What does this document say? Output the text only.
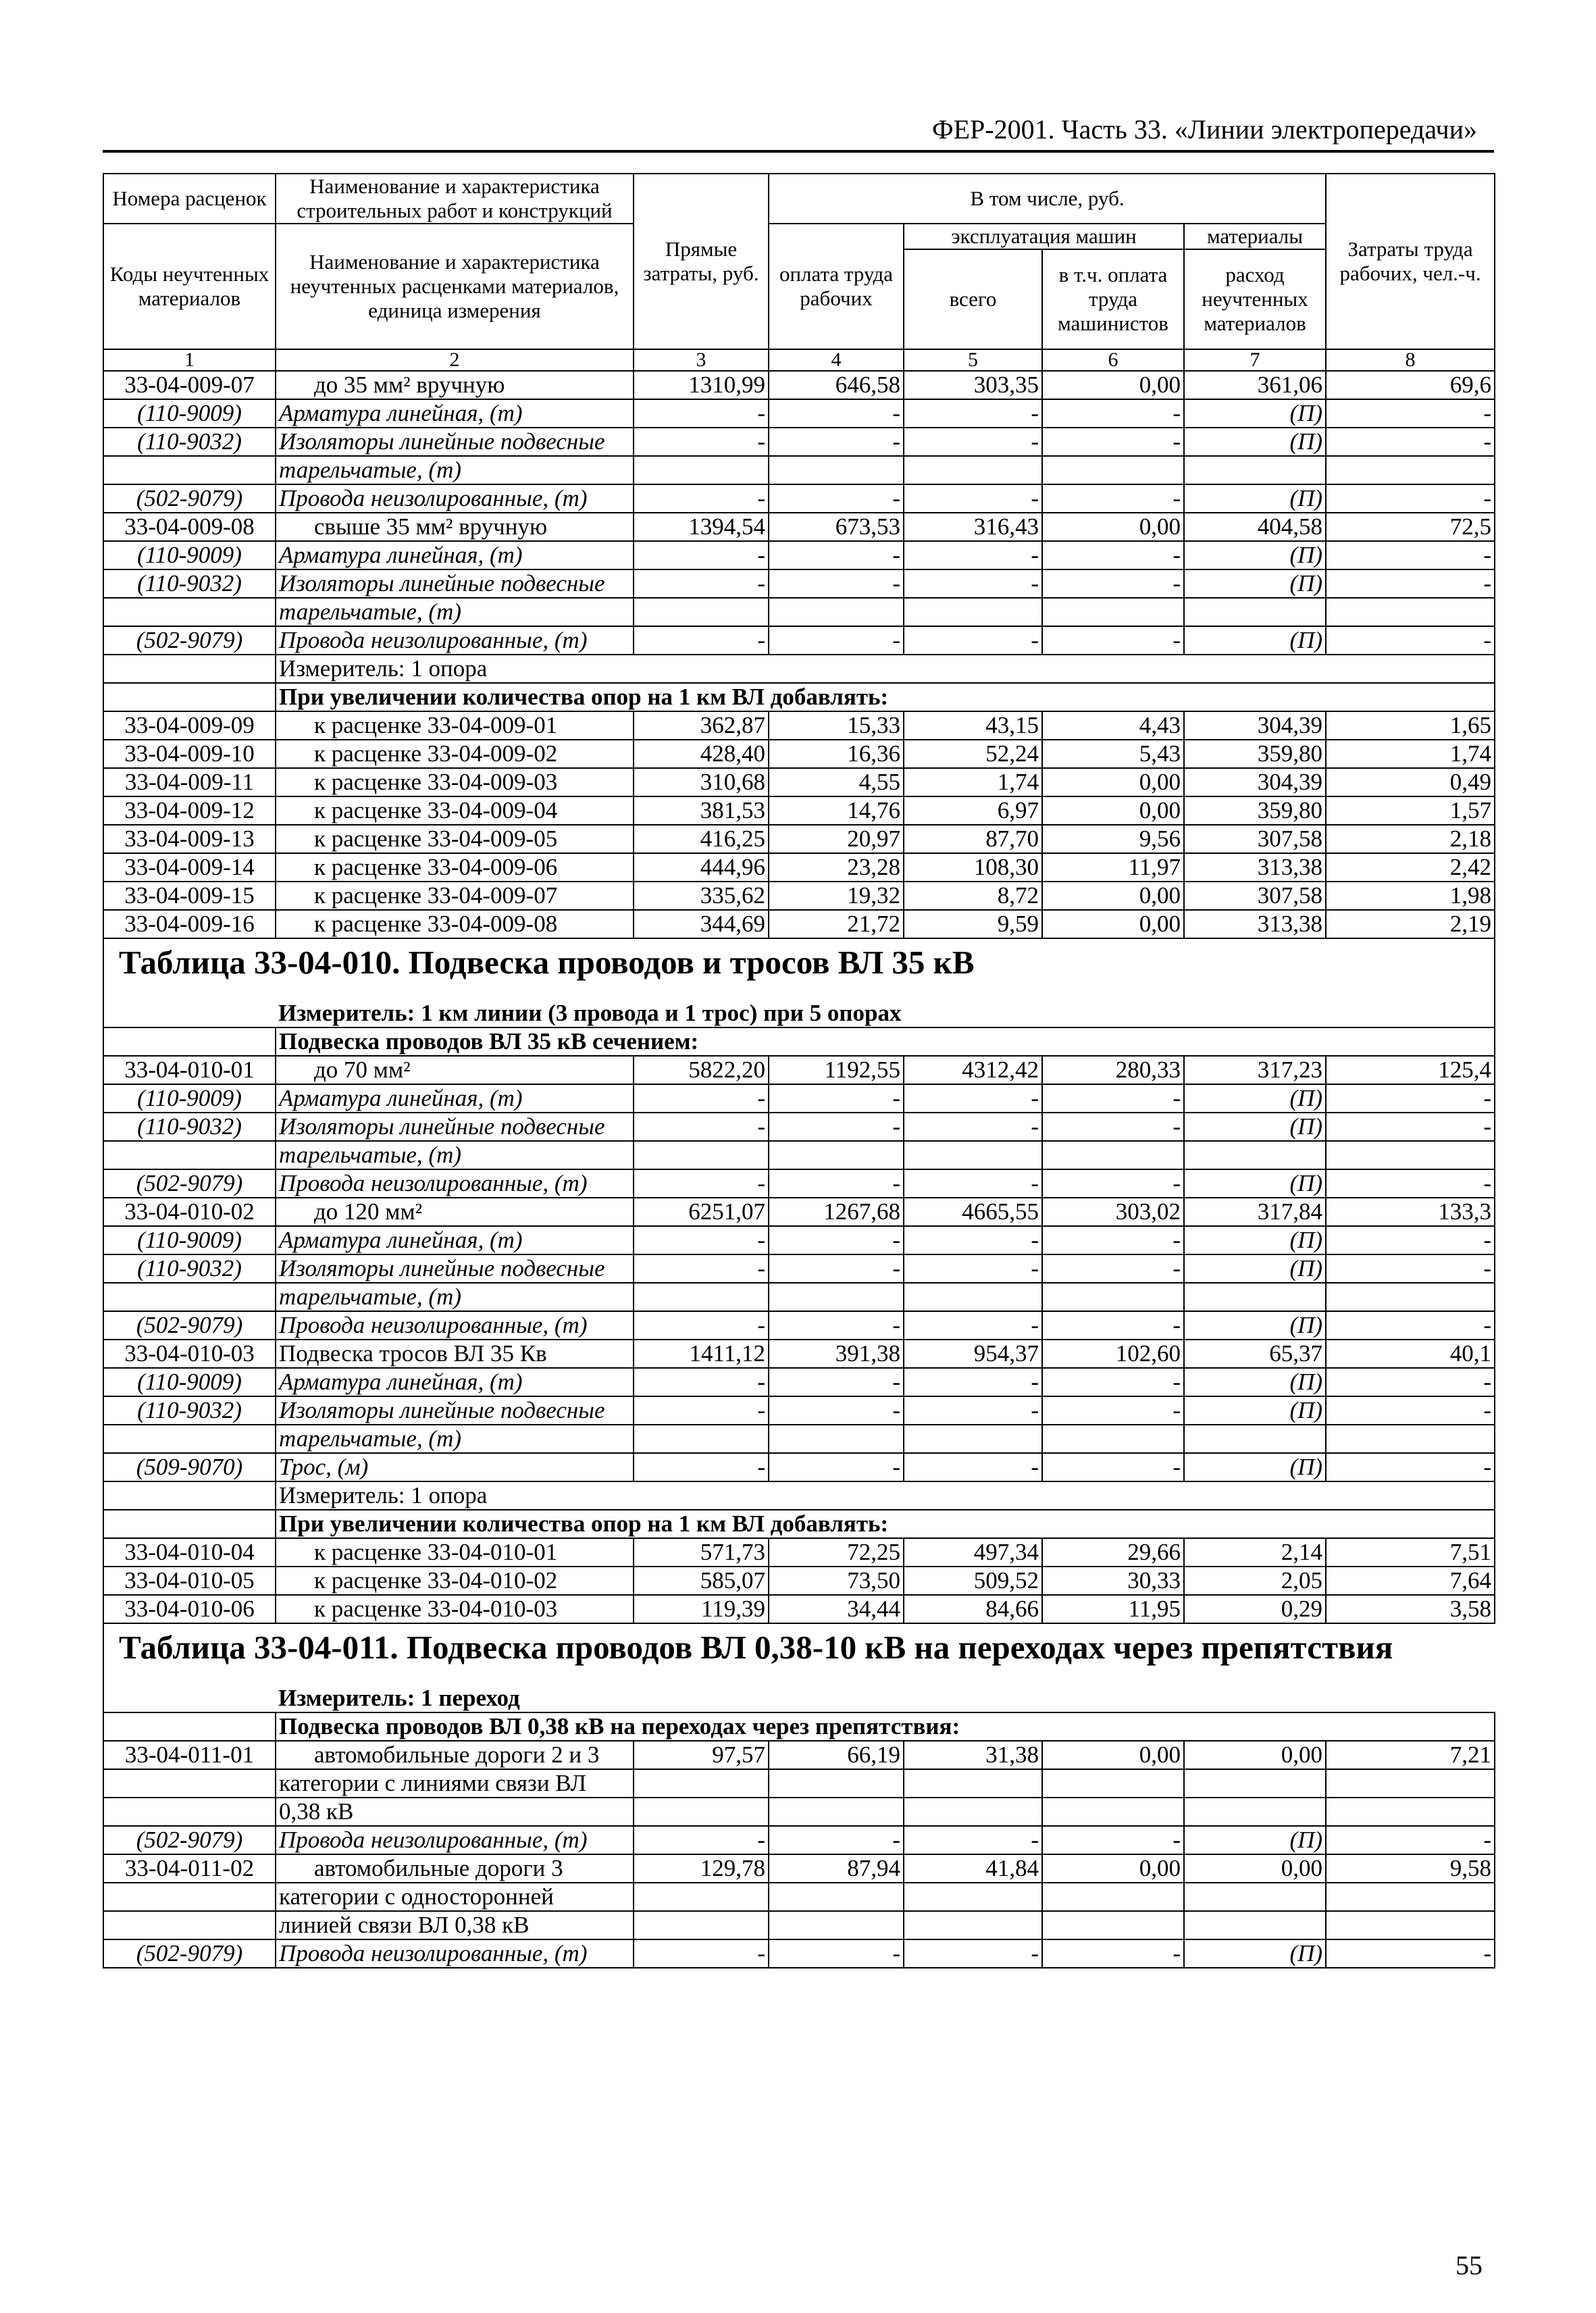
ФЕР-2001. Часть 33. «Линии электропередачи»
Номера расценок	Наименование и характеристика строительных работ и конструкций	Прямые затраты, руб.	В том числе, руб.				Затраты труда рабочих, чел.-ч.
Коды неучтенных материалов	Наименование и характеристика неучтенных расценками материалов, единица измерения		оплата труда рабочих	эксплуатация машин		материалы	
				всего	в т.ч. оплата труда машинистов	расход неучтенных материалов	
1	2	3	4	5	6	7	8
33-04-009-07	до 35 мм² вручную	1310,99	646,58	303,35	0,00	361,06	69,6
(110-9009)	Арматура линейная, (т)	-	-	-	-	(П)	-
(110-9032)	Изоляторы линейные подвесные	-	-	-	-	(П)	-
	тарельчатые, (т)						
(502-9079)	Провода неизолированные, (т)	-	-	-	-	(П)	-
33-04-009-08	свыше 35 мм² вручную	1394,54	673,53	316,43	0,00	404,58	72,5
(110-9009)	Арматура линейная, (т)	-	-	-	-	(П)	-
(110-9032)	Изоляторы линейные подвесные	-	-	-	-	(П)	-
	тарельчатые, (т)						
(502-9079)	Провода неизолированные, (т)	-	-	-	-	(П)	-
	Измеритель: 1 опора						
	При увеличении количества опор на 1 км ВЛ добавлять:						
33-04-009-09	к расценке 33-04-009-01	362,87	15,33	43,15	4,43	304,39	1,65
33-04-009-10	к расценке 33-04-009-02	428,40	16,36	52,24	5,43	359,80	1,74
33-04-009-11	к расценке 33-04-009-03	310,68	4,55	1,74	0,00	304,39	0,49
33-04-009-12	к расценке 33-04-009-04	381,53	14,76	6,97	0,00	359,80	1,57
33-04-009-13	к расценке 33-04-009-05	416,25	20,97	87,70	9,56	307,58	2,18
33-04-009-14	к расценке 33-04-009-06	444,96	23,28	108,30	11,97	313,38	2,42
33-04-009-15	к расценке 33-04-009-07	335,62	19,32	8,72	0,00	307,58	1,98
33-04-009-16	к расценке 33-04-009-08	344,69	21,72	9,59	0,00	313,38	2,19
Таблица 33-04-010. Подвеска проводов и тросов ВЛ 35 кВ							
	Измеритель: 1 км линии (3 провода и 1 трос) при 5 опорах						
	Подвеска проводов ВЛ 35 кВ сечением:						
33-04-010-01	до 70 мм²	5822,20	1192,55	4312,42	280,33	317,23	125,4
(110-9009)	Арматура линейная, (т)	-	-	-	-	(П)	-
(110-9032)	Изоляторы линейные подвесные	-	-	-	-	(П)	-
	тарельчатые, (т)						
(502-9079)	Провода неизолированные, (т)	-	-	-	-	(П)	-
33-04-010-02	до 120 мм²	6251,07	1267,68	4665,55	303,02	317,84	133,3
(110-9009)	Арматура линейная, (т)	-	-	-	-	(П)	-
(110-9032)	Изоляторы линейные подвесные	-	-	-	-	(П)	-
	тарельчатые, (т)						
(502-9079)	Провода неизолированные, (т)	-	-	-	-	(П)	-
33-04-010-03	Подвеска тросов ВЛ 35 Кв	1411,12	391,38	954,37	102,60	65,37	40,1
(110-9009)	Арматура линейная, (т)	-	-	-	-	(П)	-
(110-9032)	Изоляторы линейные подвесные	-	-	-	-	(П)	-
	тарельчатые, (т)						
(509-9070)	Трос, (м)	-	-	-	-	(П)	-
	Измеритель: 1 опора						
	При увеличении количества опор на 1 км ВЛ добавлять:						
33-04-010-04	к расценке 33-04-010-01	571,73	72,25	497,34	29,66	2,14	7,51
33-04-010-05	к расценке 33-04-010-02	585,07	73,50	509,52	30,33	2,05	7,64
33-04-010-06	к расценке 33-04-010-03	119,39	34,44	84,66	11,95	0,29	3,58
Таблица 33-04-011. Подвеска проводов ВЛ 0,38-10 кВ на переходах через препятствия							
	Измеритель: 1 переход						
	Подвеска проводов ВЛ 0,38 кВ на переходах через препятствия:						
33-04-011-01	автомобильные дороги 2 и 3	97,57	66,19	31,38	0,00	0,00	7,21
	категории с линиями связи ВЛ						
	0,38 кВ						
(502-9079)	Провода неизолированные, (т)	-	-	-	-	(П)	-
33-04-011-02	автомобильные дороги 3	129,78	87,94	41,84	0,00	0,00	9,58
	категории с односторонней						
	линией связи ВЛ 0,38 кВ						
(502-9079)	Провода неизолированные, (т)	-	-	-	-	(П)	-
55
